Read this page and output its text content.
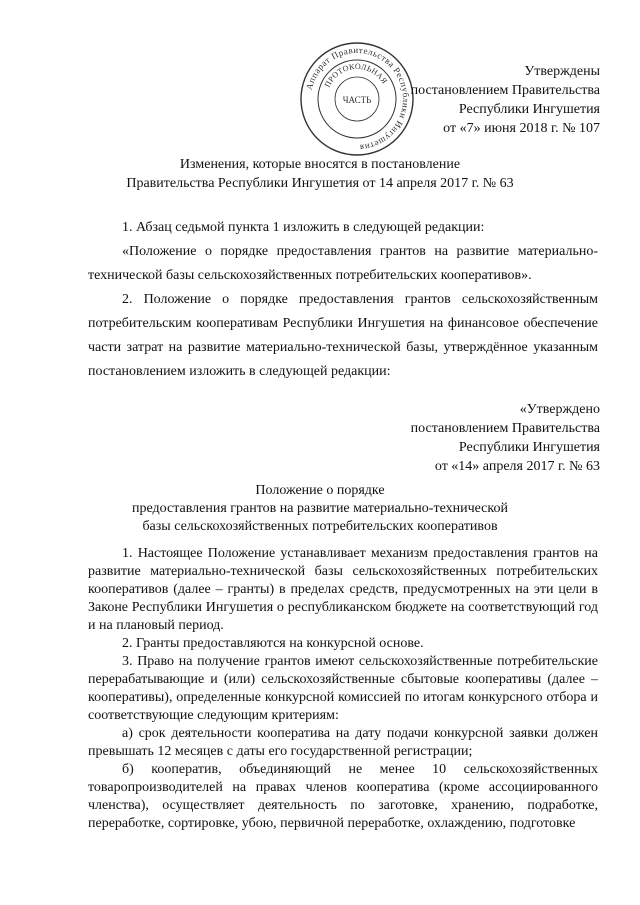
Аппарат Правительства Республики Ингушетия
ПРОТОКОЛЬНАЯ
ЧАСТЬ
Утверждены
постановлением Правительства
Республики Ингушетия
от «7» июня 2018 г. № 107
Изменения, которые вносятся в постановление
Правительства Республики Ингушетия от 14 апреля 2017 г. № 63

1. Абзац седьмой пункта 1 изложить в следующей редакции:

«Положение о порядке предоставления грантов на развитие материально-технической базы сельскохозяйственных потребительских кооперативов».

2. Положение о порядке предоставления грантов сельскохозяйственным потребительским кооперативам Республики Ингушетия на финансовое обеспечение части затрат на развитие материально-технической базы, утверждённое указанным постановлением изложить в следующей редакции:

«Утверждено
постановлением Правительства
Республики Ингушетия
от «14» апреля 2017 г. № 63
Положение о порядке
предоставления грантов на развитие материально-технической
базы сельскохозяйственных потребительских кооперативов

1. Настоящее Положение устанавливает механизм предоставления грантов на развитие материально-технической базы сельскохозяйственных потребительских кооперативов (далее – гранты) в пределах средств, предусмотренных на эти цели в Законе Республики Ингушетия о республиканском бюджете на соответствующий год и на плановый период.

2. Гранты предоставляются на конкурсной основе.

3. Право на получение грантов имеют сельскохозяйственные потребительские перерабатывающие и (или) сельскохозяйственные сбытовые кооперативы (далее – кооперативы), определенные конкурсной комиссией по итогам конкурсного отбора и соответствующие следующим критериям:

а) срок деятельности кооператива на дату подачи конкурсной заявки должен превышать 12 месяцев с даты его государственной регистрации;

б) кооператив, объединяющий не менее 10 сельскохозяйственных товаропроизводителей на правах членов кооператива (кроме ассоциированного членства), осуществляет деятельность по заготовке, хранению, подработке, переработке, сортировке, убою, первичной переработке, охлаждению, подготовке
